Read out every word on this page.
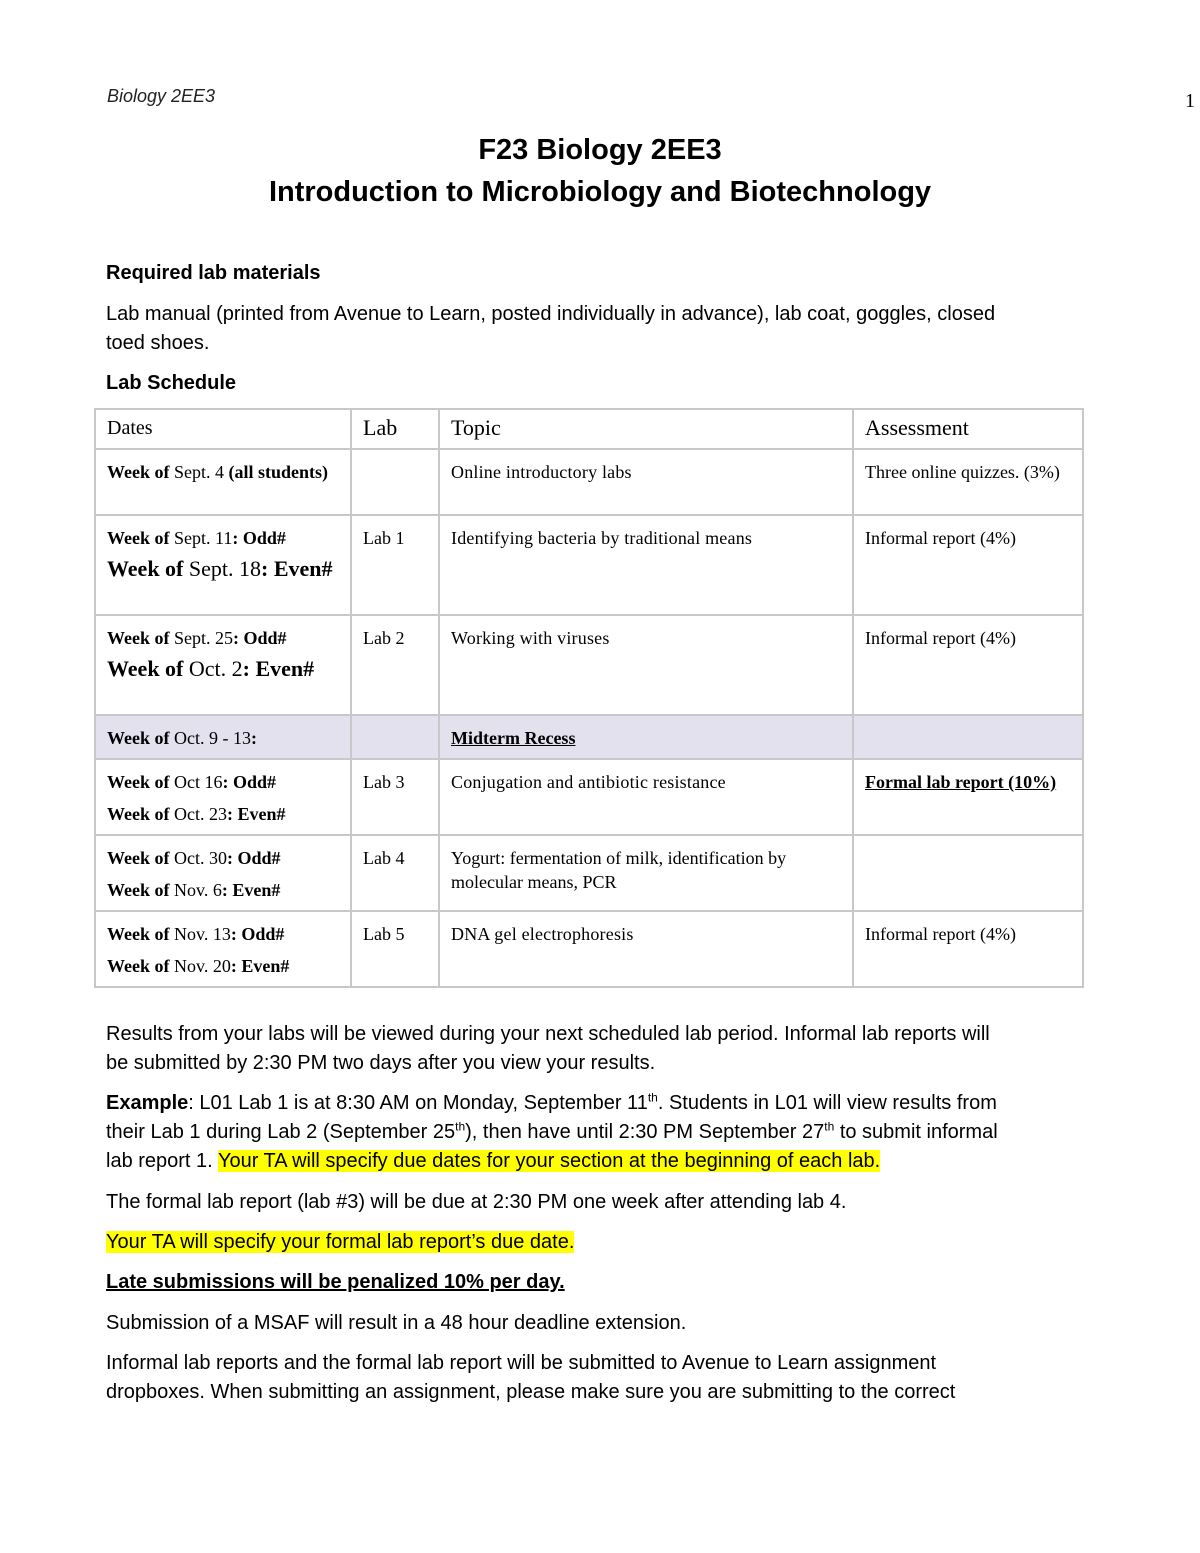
Biology 2EE3	1
F23 Biology 2EE3
Introduction to Microbiology and Biotechnology
Required lab materials
Lab manual (printed from Avenue to Learn, posted individually in advance), lab coat, goggles, closed
toed shoes.
Lab Schedule
Dates	Lab	Topic	Assessment
Week of Sept. 4 (all students)		Online introductory labs	Three online quizzes. (3%)
Week of Sept. 11: Odd#
Week of Sept. 18: Even#	Lab 1	Identifying bacteria by traditional means	Informal report (4%)
Week of Sept. 25: Odd#
Week of Oct. 2: Even#	Lab 2	Working with viruses	Informal report (4%)
Week of Oct. 9 - 13:		Midterm Recess	
Week of Oct 16: Odd#
Week of Oct. 23: Even#	Lab 3	Conjugation and antibiotic resistance	Formal lab report (10%)
Week of Oct. 30: Odd#
Week of Nov. 6: Even#	Lab 4	Yogurt: fermentation of milk, identification by molecular means, PCR	
Week of Nov. 13: Odd#
Week of Nov. 20: Even#	Lab 5	DNA gel electrophoresis	Informal report (4%)
Results from your labs will be viewed during your next scheduled lab period. Informal lab reports will
be submitted by 2:30 PM two days after you view your results.
Example: L01 Lab 1 is at 8:30 AM on Monday, September 11th. Students in L01 will view results from
their Lab 1 during Lab 2 (September 25th), then have until 2:30 PM September 27th to submit informal
lab report 1. Your TA will specify due dates for your section at the beginning of each lab.
The formal lab report (lab #3) will be due at 2:30 PM one week after attending lab 4.
Your TA will specify your formal lab report’s due date.
Late submissions will be penalized 10% per day.
Submission of a MSAF will result in a 48 hour deadline extension.
Informal lab reports and the formal lab report will be submitted to Avenue to Learn assignment
dropboxes. When submitting an assignment, please make sure you are submitting to the correct
